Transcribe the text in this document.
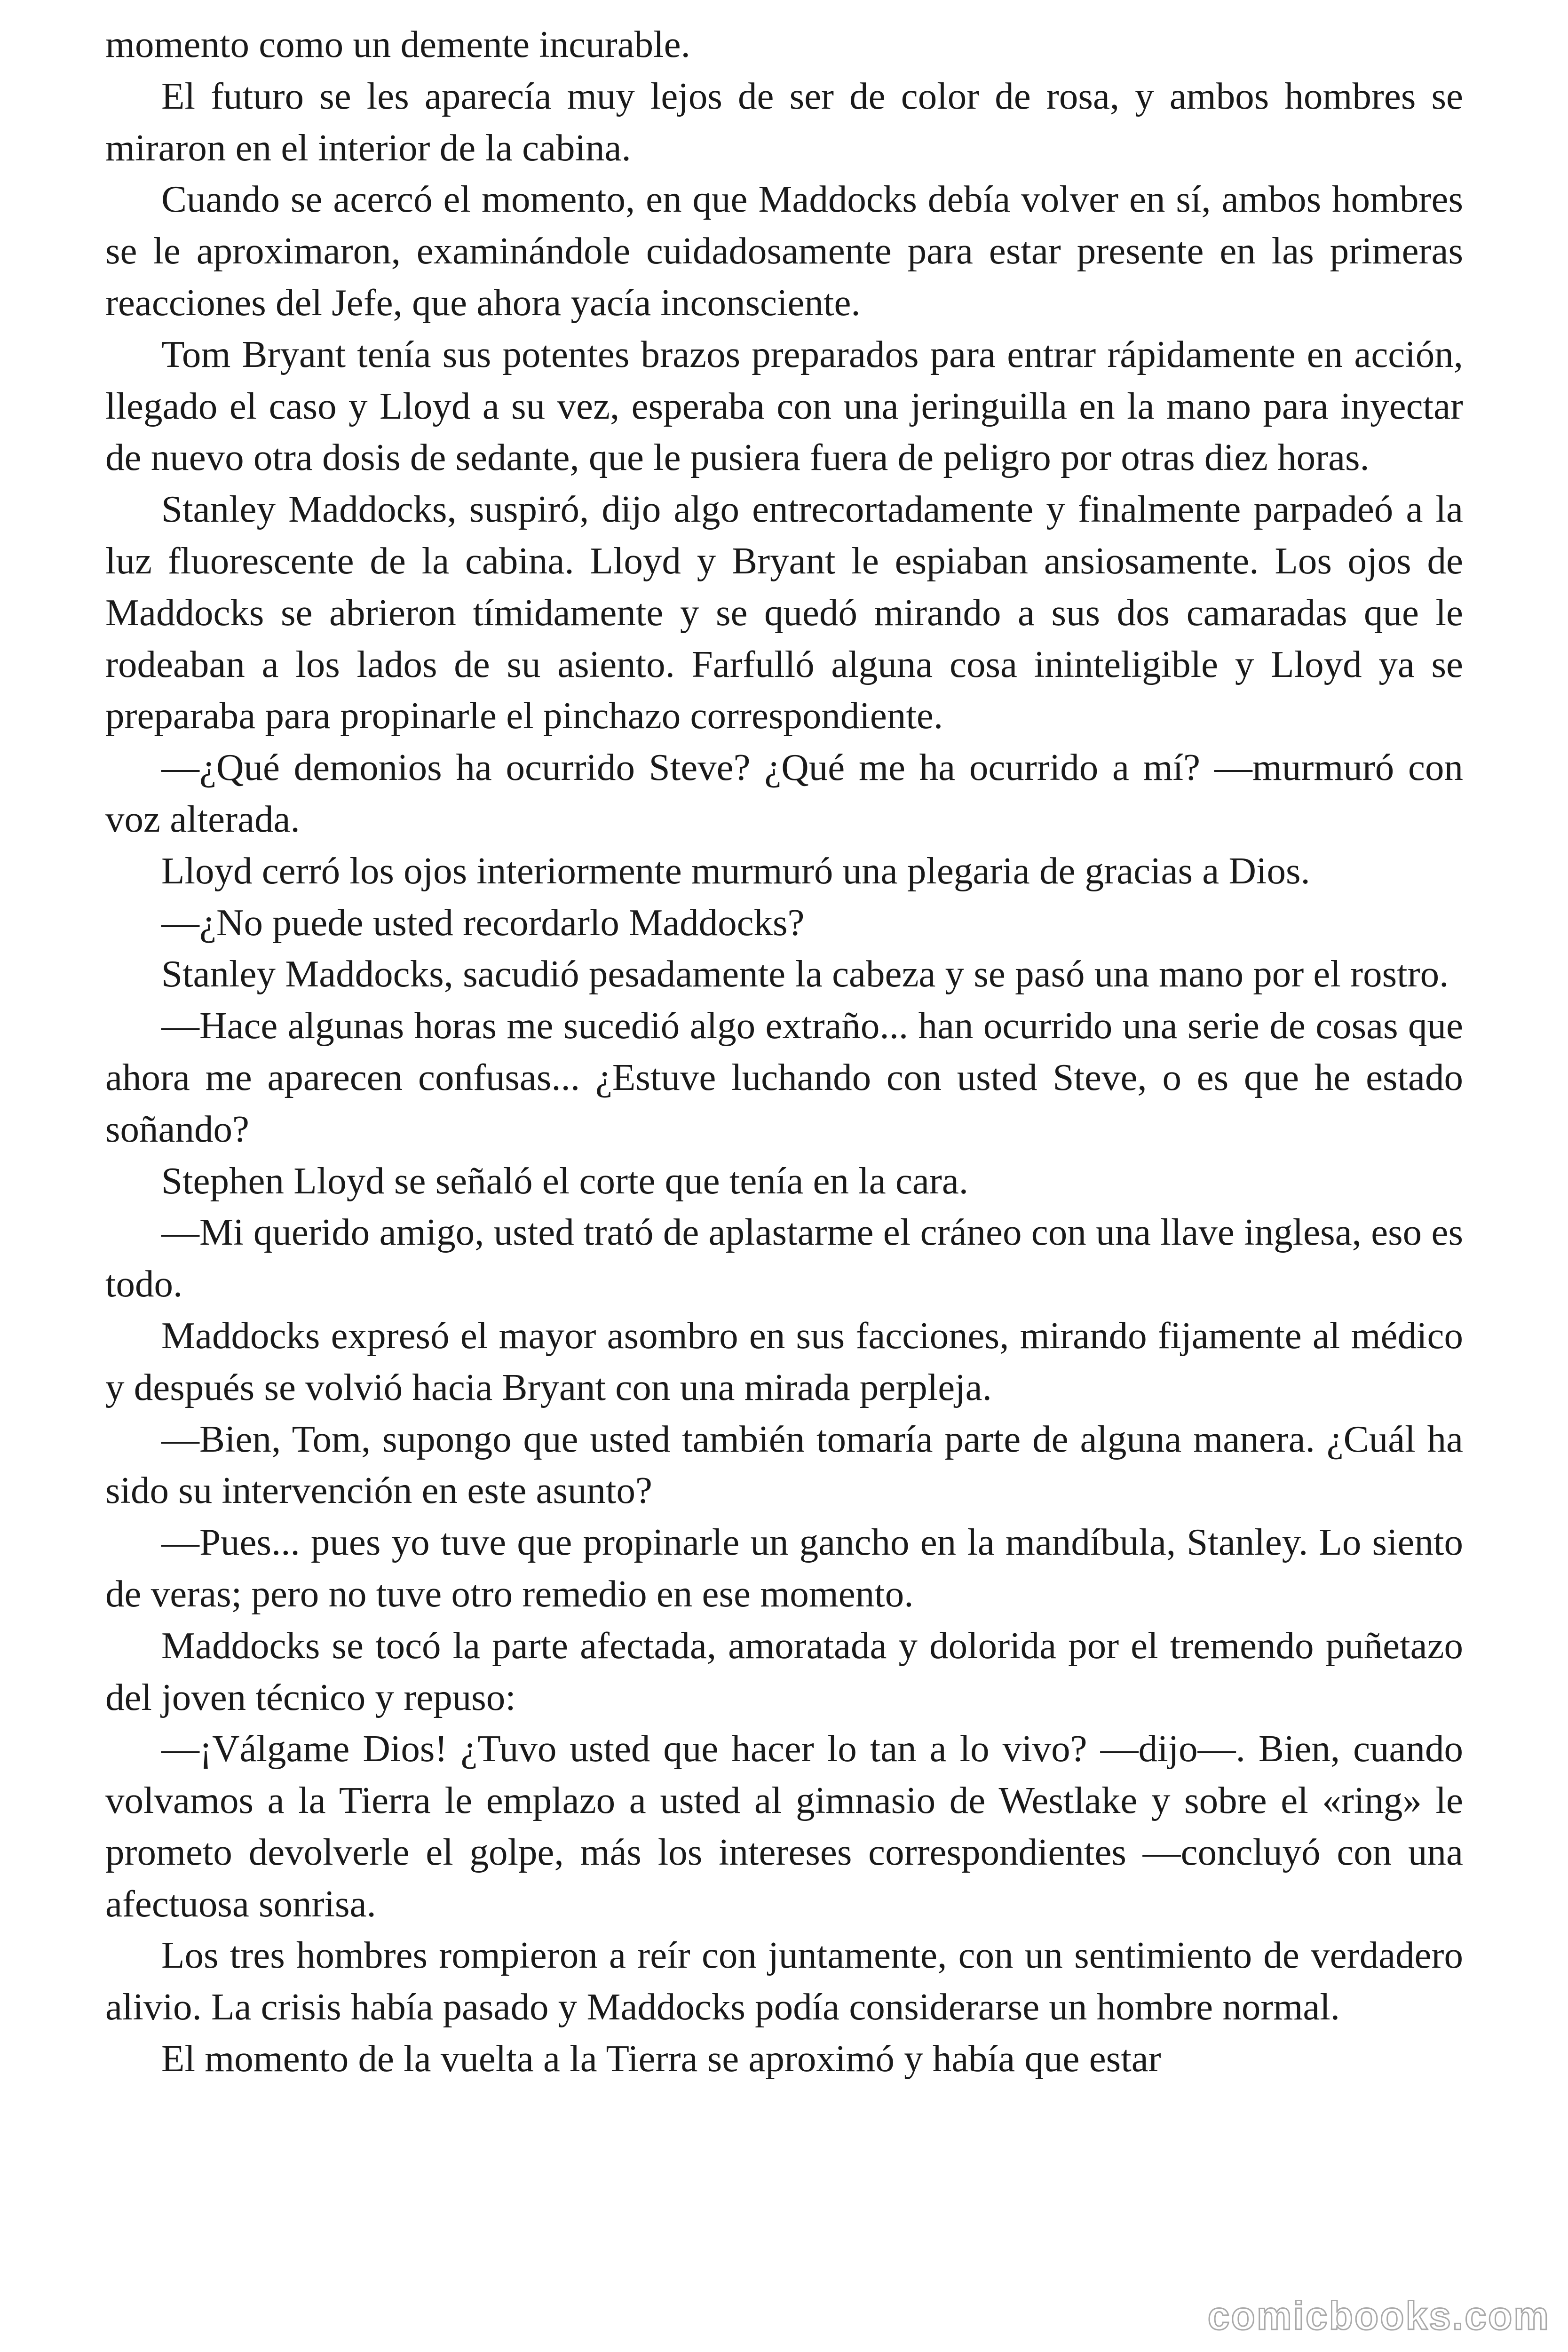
momento como un demente incurable.

El futuro se les aparecía muy lejos de ser de color de rosa, y ambos hombres se miraron en el interior de la cabina.

Cuando se acercó el momento, en que Maddocks debía volver en sí, ambos hombres se le aproximaron, examinándole cuidadosamente para estar presente en las primeras reacciones del Jefe, que ahora yacía inconsciente.

Tom Bryant tenía sus potentes brazos preparados para entrar rápidamente en acción, llegado el caso y Lloyd a su vez, esperaba con una jeringuilla en la mano para inyectar de nuevo otra dosis de sedante, que le pusiera fuera de peligro por otras diez horas.

Stanley Maddocks, suspiró, dijo algo entrecortadamente y finalmente parpadeó a la luz fluorescente de la cabina. Lloyd y Bryant le espiaban ansiosamente. Los ojos de Maddocks se abrieron tímidamente y se quedó mirando a sus dos camaradas que le rodeaban a los lados de su asiento. Farfulló alguna cosa ininteligible y Lloyd ya se preparaba para propinarle el pinchazo correspondiente.

—¿Qué demonios ha ocurrido Steve? ¿Qué me ha ocurrido a mí? —murmuró con voz alterada.

Lloyd cerró los ojos interiormente murmuró una plegaria de gracias a Dios.

—¿No puede usted recordarlo Maddocks?

Stanley Maddocks, sacudió pesadamente la cabeza y se pasó una mano por el rostro.

—Hace algunas horas me sucedió algo extraño... han ocurrido una serie de cosas que ahora me aparecen confusas... ¿Estuve luchando con usted Steve, o es que he estado soñando?

Stephen Lloyd se señaló el corte que tenía en la cara.

—Mi querido amigo, usted trató de aplastarme el cráneo con una llave inglesa, eso es todo.

Maddocks expresó el mayor asombro en sus facciones, mirando fijamente al médico y después se volvió hacia Bryant con una mirada perpleja.

—Bien, Tom, supongo que usted también tomaría parte de alguna manera. ¿Cuál ha sido su intervención en este asunto?

—Pues... pues yo tuve que propinarle un gancho en la mandíbula, Stanley. Lo siento de veras; pero no tuve otro remedio en ese momento.

Maddocks se tocó la parte afectada, amoratada y dolorida por el tremendo puñetazo del joven técnico y repuso:

—¡Válgame Dios! ¿Tuvo usted que hacer lo tan a lo vivo? —dijo—. Bien, cuando volvamos a la Tierra le emplazo a usted al gimnasio de Westlake y sobre el «ring» le prometo devolverle el golpe, más los intereses correspondientes —concluyó con una afectuosa sonrisa.

Los tres hombres rompieron a reír con juntamente, con un sentimiento de verdadero alivio. La crisis había pasado y Maddocks podía considerarse un hombre normal.

El momento de la vuelta a la Tierra se aproximó y había que estar

comicbooks.com
